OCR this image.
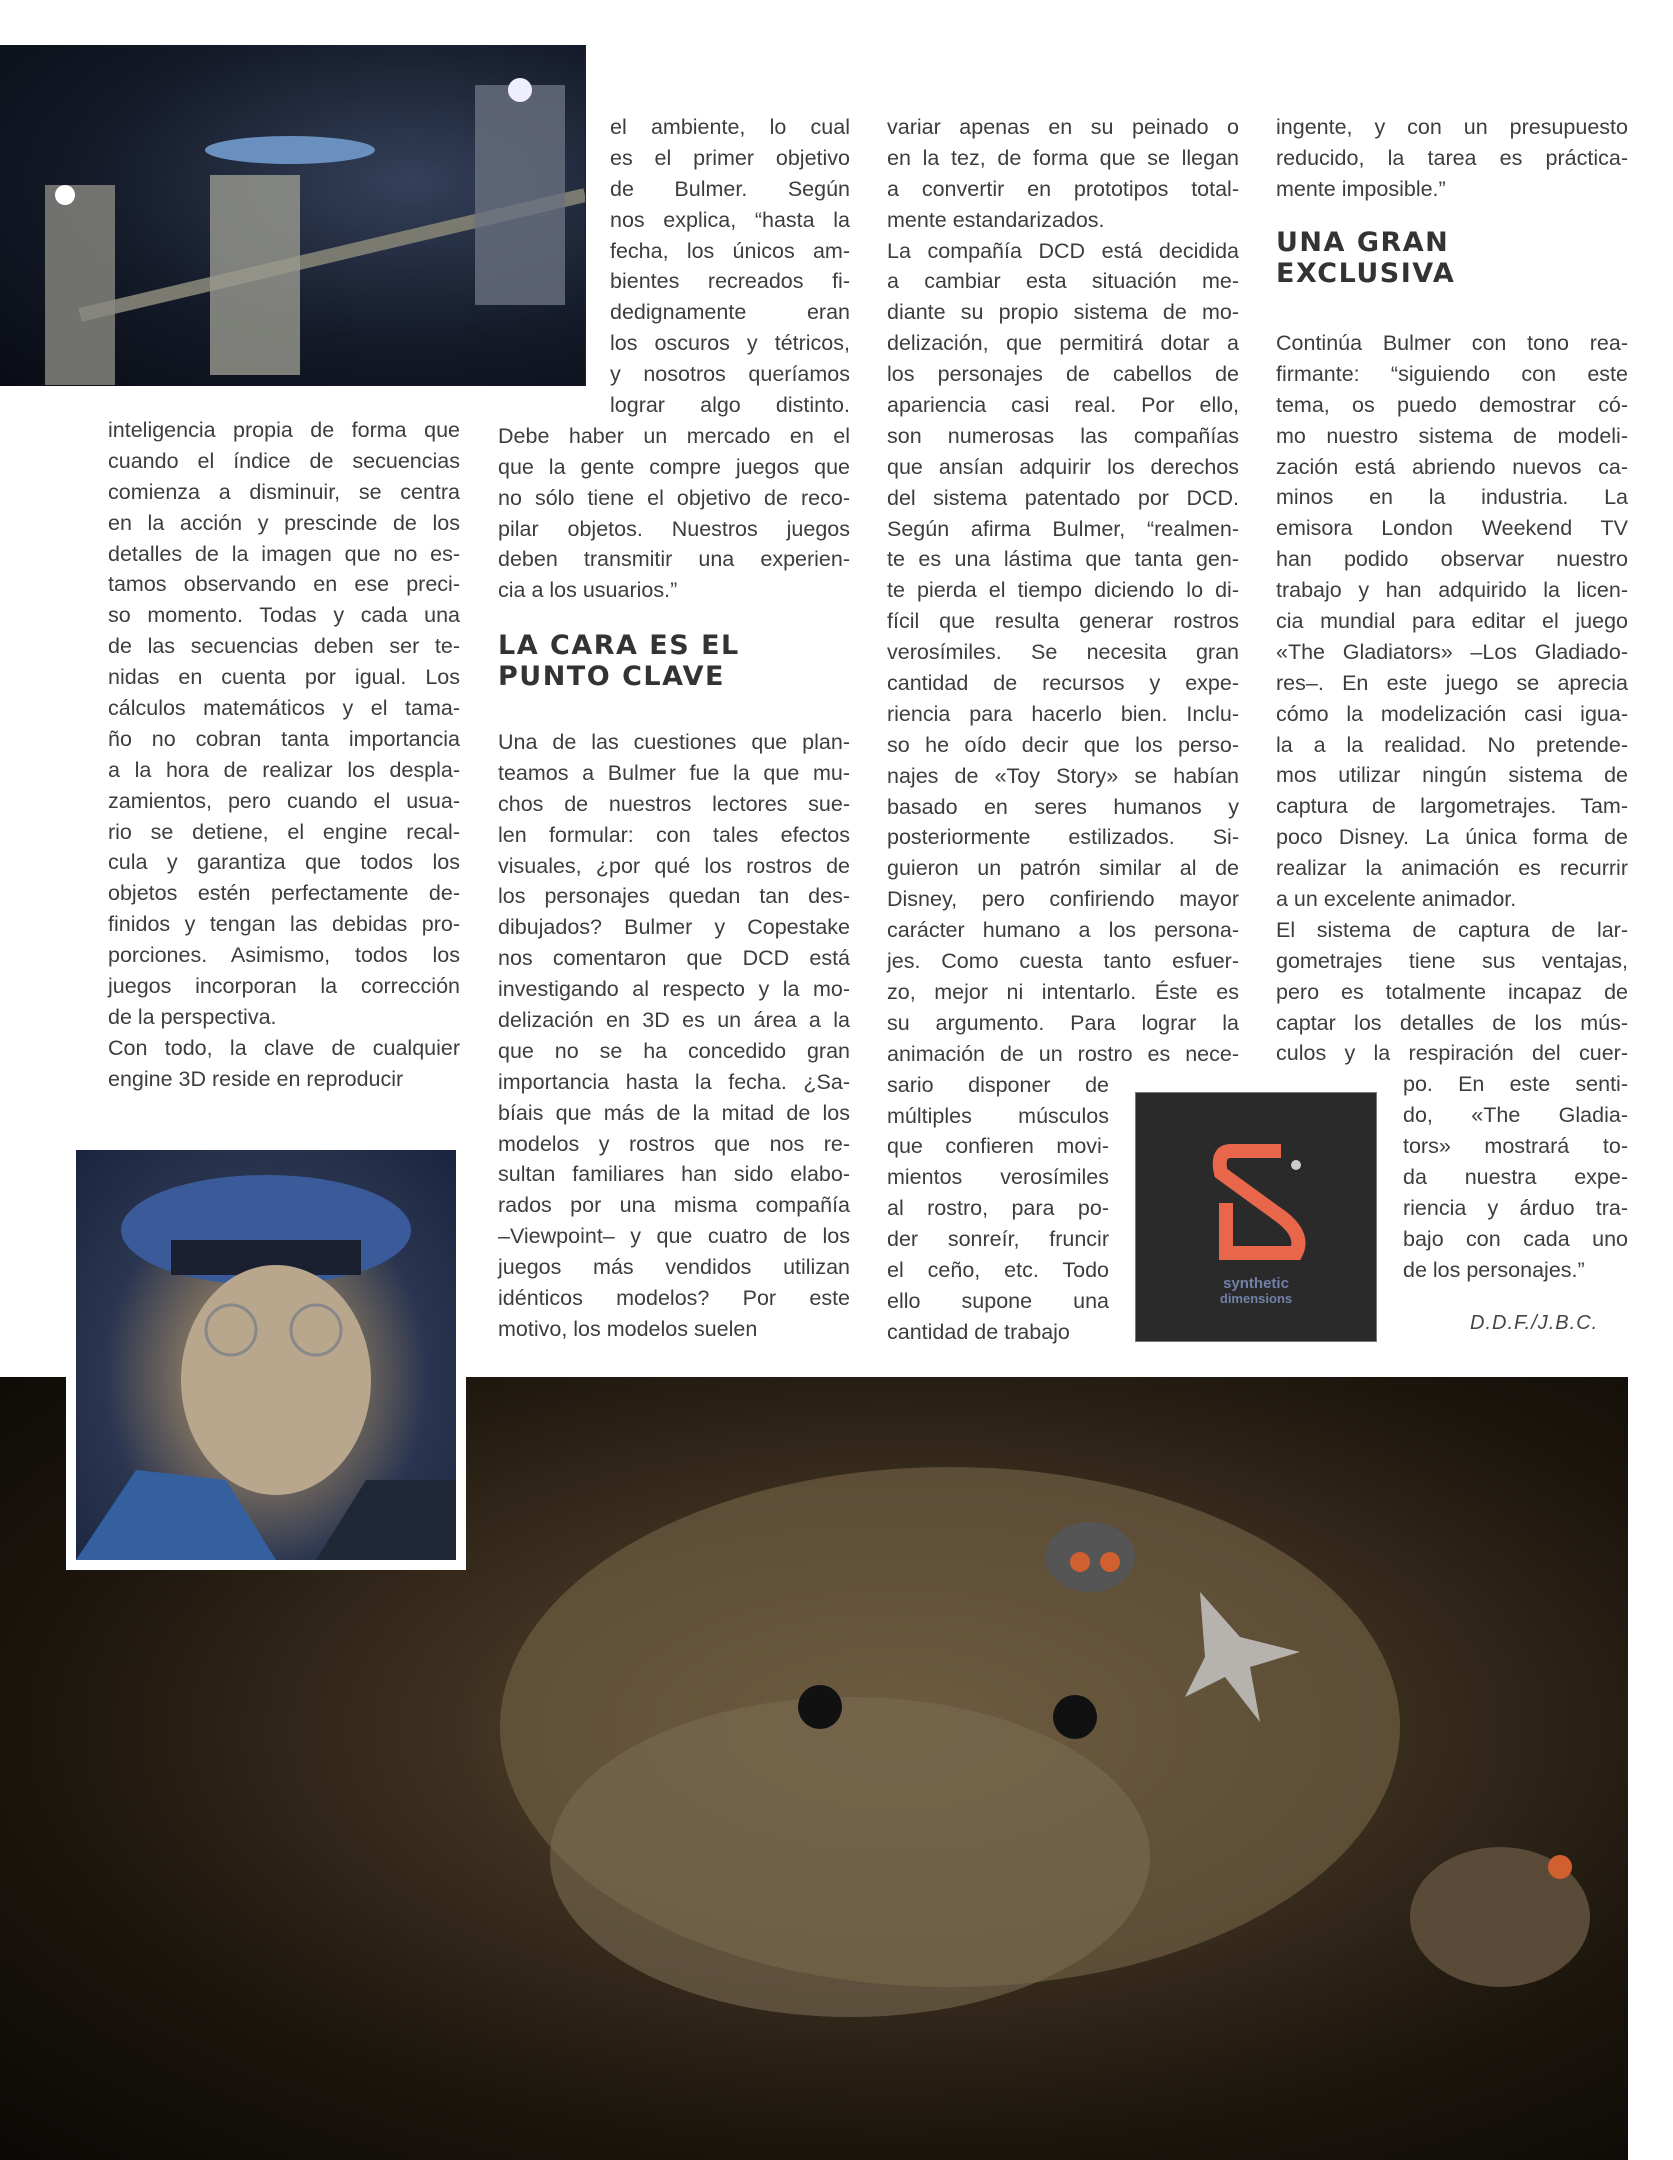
synthetic
dimensions
inteligencia propia de forma que
cuando el índice de secuencias
comienza a disminuir, se centra
en la acción y prescinde de los
detalles de la imagen que no es-
tamos observando en ese preci-
so momento. Todas y cada una
de las secuencias deben ser te-
nidas en cuenta por igual. Los
cálculos matemáticos y el tama-
ño no cobran tanta importancia
a la hora de realizar los despla-
zamientos, pero cuando el usua-
rio se detiene, el engine recal-
cula y garantiza que todos los
objetos estén perfectamente de-
finidos y tengan las debidas pro-
porciones. Asimismo, todos los
juegos incorporan la corrección
de la perspectiva.
Con todo, la clave de cualquier
engine 3D reside en reproducir
el ambiente, lo cual
es el primer objetivo
de Bulmer. Según
nos explica, “hasta la
fecha, los únicos am-
bientes recreados fi-
dedignamente eran
los oscuros y tétricos,
y nosotros queríamos
lograr algo distinto.
Debe haber un mercado en el
que la gente compre juegos que
no sólo tiene el objetivo de reco-
pilar objetos. Nuestros juegos
deben transmitir una experien-
cia a los usuarios.”
LA CARA ES EL
PUNTO CLAVE
Una de las cuestiones que plan-
teamos a Bulmer fue la que mu-
chos de nuestros lectores sue-
len formular: con tales efectos
visuales, ¿por qué los rostros de
los personajes quedan tan des-
dibujados? Bulmer y Copestake
nos comentaron que DCD está
investigando al respecto y la mo-
delización en 3D es un área a la
que no se ha concedido gran
importancia hasta la fecha. ¿Sa-
bíais que más de la mitad de los
modelos y rostros que nos re-
sultan familiares han sido elabo-
rados por una misma compañía
–Viewpoint– y que cuatro de los
juegos más vendidos utilizan
idénticos modelos? Por este
motivo, los modelos suelen
variar apenas en su peinado o
en la tez, de forma que se llegan
a convertir en prototipos total-
mente estandarizados.
La compañía DCD está decidida
a cambiar esta situación me-
diante su propio sistema de mo-
delización, que permitirá dotar a
los personajes de cabellos de
apariencia casi real. Por ello,
son numerosas las compañías
que ansían adquirir los derechos
del sistema patentado por DCD.
Según afirma Bulmer, “realmen-
te es una lástima que tanta gen-
te pierda el tiempo diciendo lo di-
fícil que resulta generar rostros
verosímiles. Se necesita gran
cantidad de recursos y expe-
riencia para hacerlo bien. Inclu-
so he oído decir que los perso-
najes de «Toy Story» se habían
basado en seres humanos y
posteriormente estilizados. Si-
guieron un patrón similar al de
Disney, pero confiriendo mayor
carácter humano a los persona-
jes. Como cuesta tanto esfuer-
zo, mejor ni intentarlo. Éste es
su argumento. Para lograr la
animación de un rostro es nece-
sario disponer de
múltiples músculos
que confieren movi-
mientos verosímiles
al rostro, para po-
der sonreír, fruncir
el ceño, etc. Todo
ello supone una
cantidad de trabajo
ingente, y con un presupuesto
reducido, la tarea es práctica-
mente imposible.”
UNA GRAN
EXCLUSIVA
Continúa Bulmer con tono rea-
firmante: “siguiendo con este
tema, os puedo demostrar có-
mo nuestro sistema de modeli-
zación está abriendo nuevos ca-
minos en la industria. La
emisora London Weekend TV
han podido observar nuestro
trabajo y han adquirido la licen-
cia mundial para editar el juego
«The Gladiators» –Los Gladiado-
res–. En este juego se aprecia
cómo la modelización casi igua-
la a la realidad. No pretende-
mos utilizar ningún sistema de
captura de largometrajes. Tam-
poco Disney. La única forma de
realizar la animación es recurrir
a un excelente animador.
El sistema de captura de lar-
gometrajes tiene sus ventajas,
pero es totalmente incapaz de
captar los detalles de los mús-
culos y la respiración del cuer-
po. En este senti-
do, «The Gladia-
tors» mostrará to-
da nuestra expe-
riencia y árduo tra-
bajo con cada uno
de los personajes.”
D.D.F./J.B.C.
